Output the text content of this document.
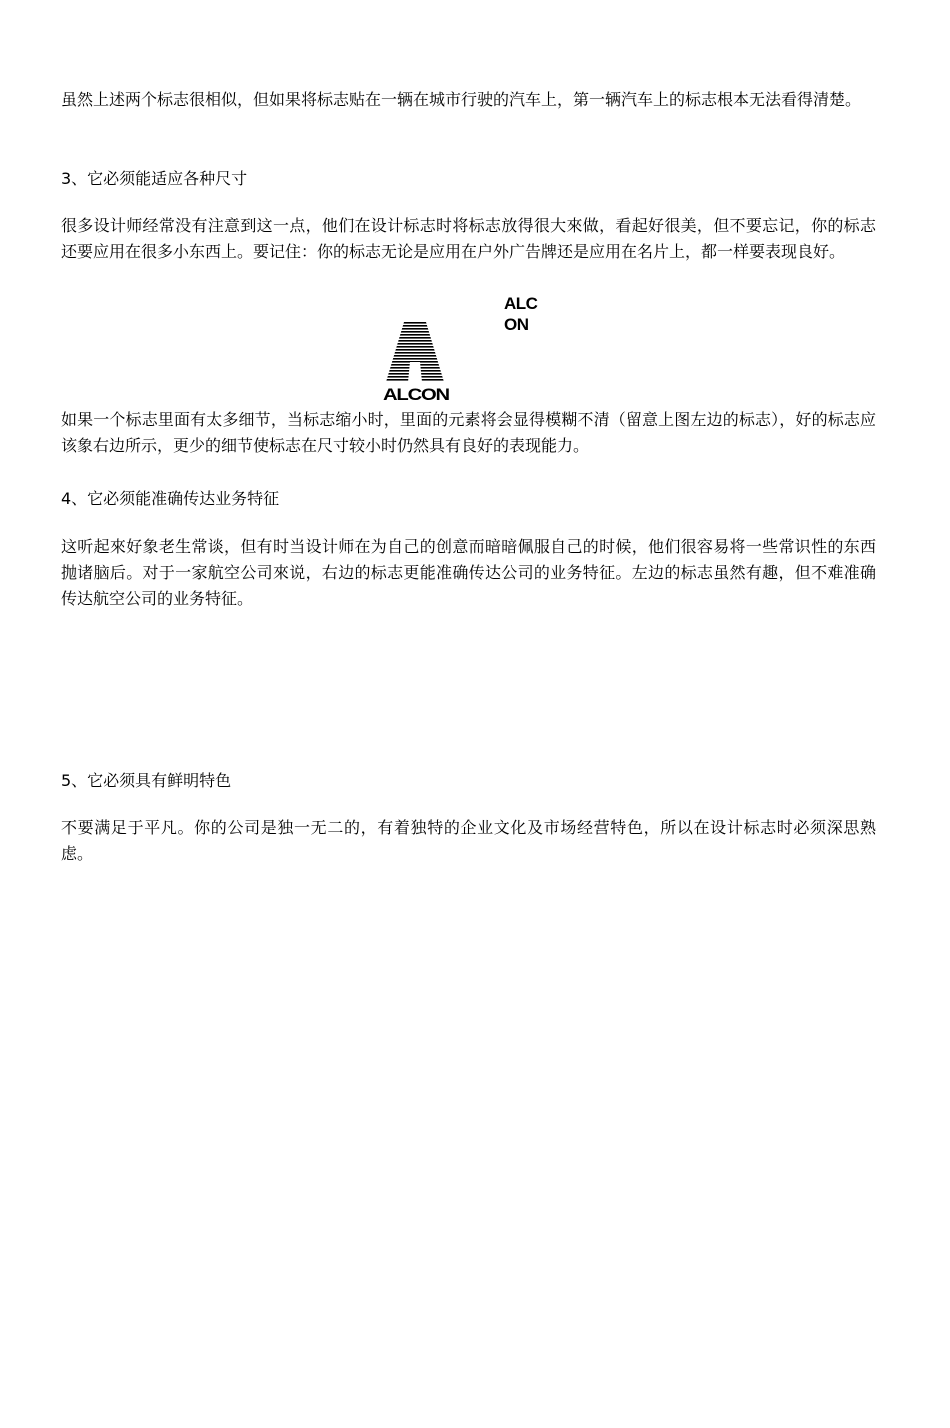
虽然上述两个标志很相似，但如果将标志贴在一辆在城市行驶的汽车上，第一辆汽车上的标志根本无法看得清楚。

3、它必须能适应各种尺寸

很多设计师经常没有注意到这一点，他们在设计标志时将标志放得很大來做，看起好很美，但不要忘记，你的标志还要应用在很多小东西上。要记住：你的标志无论是应用在户外广告牌还是应用在名片上，都一样要表现良好。

ALCON
ALC
ON

如果一个标志里面有太多细节，当标志缩小时，里面的元素将会显得模糊不清（留意上图左边的标志），好的标志应该象右边所示，更少的细节使标志在尺寸较小时仍然具有良好的表现能力。

4、它必须能准确传达业务特征

这听起來好象老生常谈，但有时当设计师在为自己的创意而暗暗佩服自己的时候，他们很容易将一些常识性的东西抛诸脑后。对于一家航空公司來说，右边的标志更能准确传达公司的业务特征。左边的标志虽然有趣，但不难准确传达航空公司的业务特征。

5、它必须具有鲜明特色

不要满足于平凡。你的公司是独一无二的，有着独特的企业文化及市场经营特色，所以在设计标志时必须深思熟虑。
